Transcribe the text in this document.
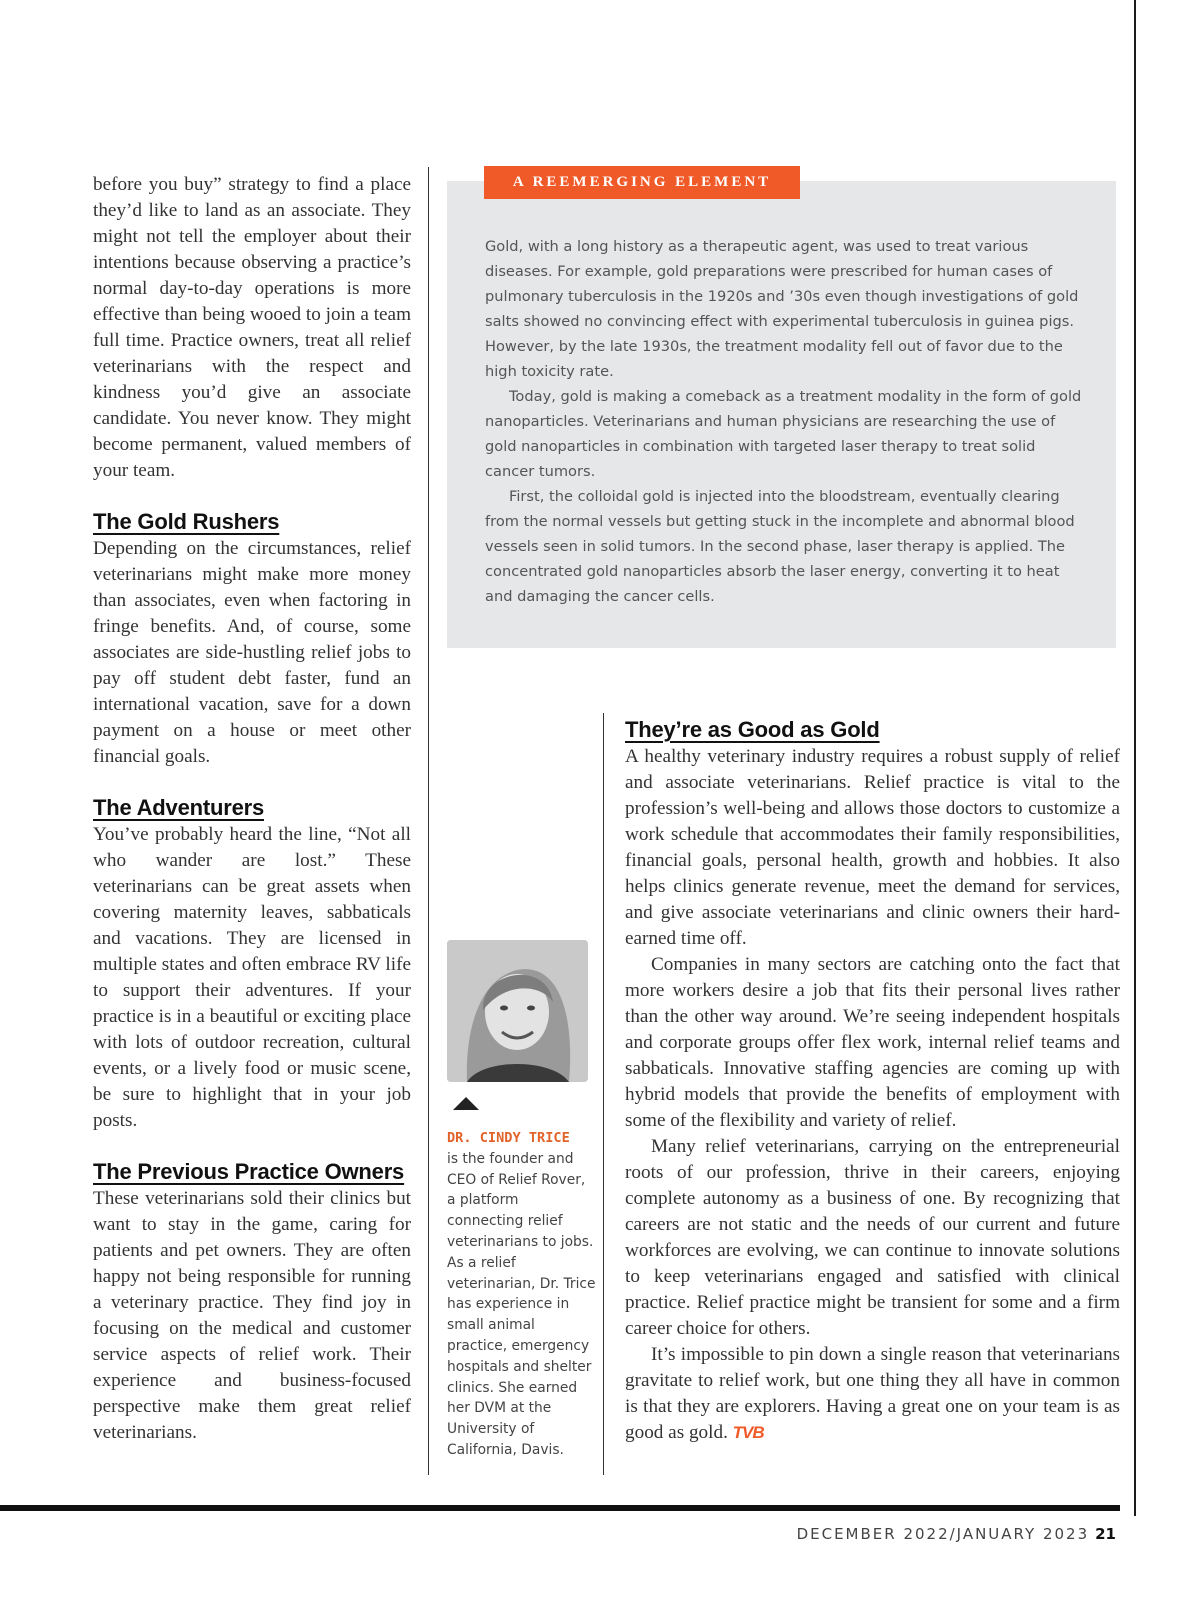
before you buy” strategy to find a place they’d like to land as an associate. They might not tell the employer about their intentions because observing a practice’s normal day-to-day operations is more effective than being wooed to join a team full time. Practice owners, treat all relief veterinarians with the respect and kindness you’d give an associate candidate. You never know. They might become permanent, valued members of your team.

The Gold Rushers

Depending on the circumstances, relief veterinarians might make more money than associates, even when factoring in fringe benefits. And, of course, some associates are side-hustling relief jobs to pay off student debt faster, fund an international vacation, save for a down payment on a house or meet other financial goals.

The Adventurers

You’ve probably heard the line, “Not all who wander are lost.” These veterinarians can be great assets when covering maternity leaves, sabbaticals and vacations. They are licensed in multiple states and often embrace RV life to support their adventures. If your practice is in a beautiful or exciting place with lots of outdoor recreation, cultural events, or a lively food or music scene, be sure to highlight that in your job posts.

The Previous Practice Owners

These veterinarians sold their clinics but want to stay in the game, caring for patients and pet owners. They are often happy not being responsible for running a veterinary practice. They find joy in focusing on the medical and customer service aspects of relief work. Their experience and business-focused perspective make them great relief veterinarians.

A REEMERGING ELEMENT

Gold, with a long history as a therapeutic agent, was used to treat various diseases. For example, gold preparations were prescribed for human cases of pulmonary tuberculosis in the 1920s and ’30s even though investigations of gold salts showed no convincing effect with experimental tuberculosis in guinea pigs. However, by the late 1930s, the treatment modality fell out of favor due to the high toxicity rate.

Today, gold is making a comeback as a treatment modality in the form of gold nanoparticles. Veterinarians and human physicians are researching the use of gold nanoparticles in combination with targeted laser therapy to treat solid cancer tumors.

First, the colloidal gold is injected into the bloodstream, eventually clearing from the normal vessels but getting stuck in the incomplete and abnormal blood vessels seen in solid tumors. In the second phase, laser therapy is applied. The concentrated gold nanoparticles absorb the laser energy, converting it to heat and damaging the cancer cells.

DR. CINDY TRICE
is the founder and CEO of Relief Rover, a platform connecting relief veterinarians to jobs. As a relief veterinarian, Dr. Trice has experience in small animal practice, emergency hospitals and shelter clinics. She earned her DVM at the University of California, Davis.
They’re as Good as Gold

A healthy veterinary industry requires a robust supply of relief and associate veterinarians. Relief practice is vital to the profession’s well-being and allows those doctors to customize a work schedule that accommodates their family responsibilities, financial goals, personal health, growth and hobbies. It also helps clinics generate revenue, meet the demand for services, and give associate veterinarians and clinic owners their hard-earned time off.

Companies in many sectors are catching onto the fact that more workers desire a job that fits their personal lives rather than the other way around. We’re seeing independent hospitals and corporate groups offer flex work, internal relief teams and sabbaticals. Innovative staffing agencies are coming up with hybrid models that provide the benefits of employment with some of the flexibility and variety of relief.

Many relief veterinarians, carrying on the entrepreneurial roots of our profession, thrive in their careers, enjoying complete autonomy as a business of one. By recognizing that careers are not static and the needs of our current and future workforces are evolving, we can continue to innovate solutions to keep veterinarians engaged and satisfied with clinical practice. Relief practice might be transient for some and a firm career choice for others.

It’s impossible to pin down a single reason that veterinarians gravitate to relief work, but one thing they all have in common is that they are explorers. Having a great one on your team is as good as gold. TVB

DECEMBER 2022/JANUARY 2023 21
